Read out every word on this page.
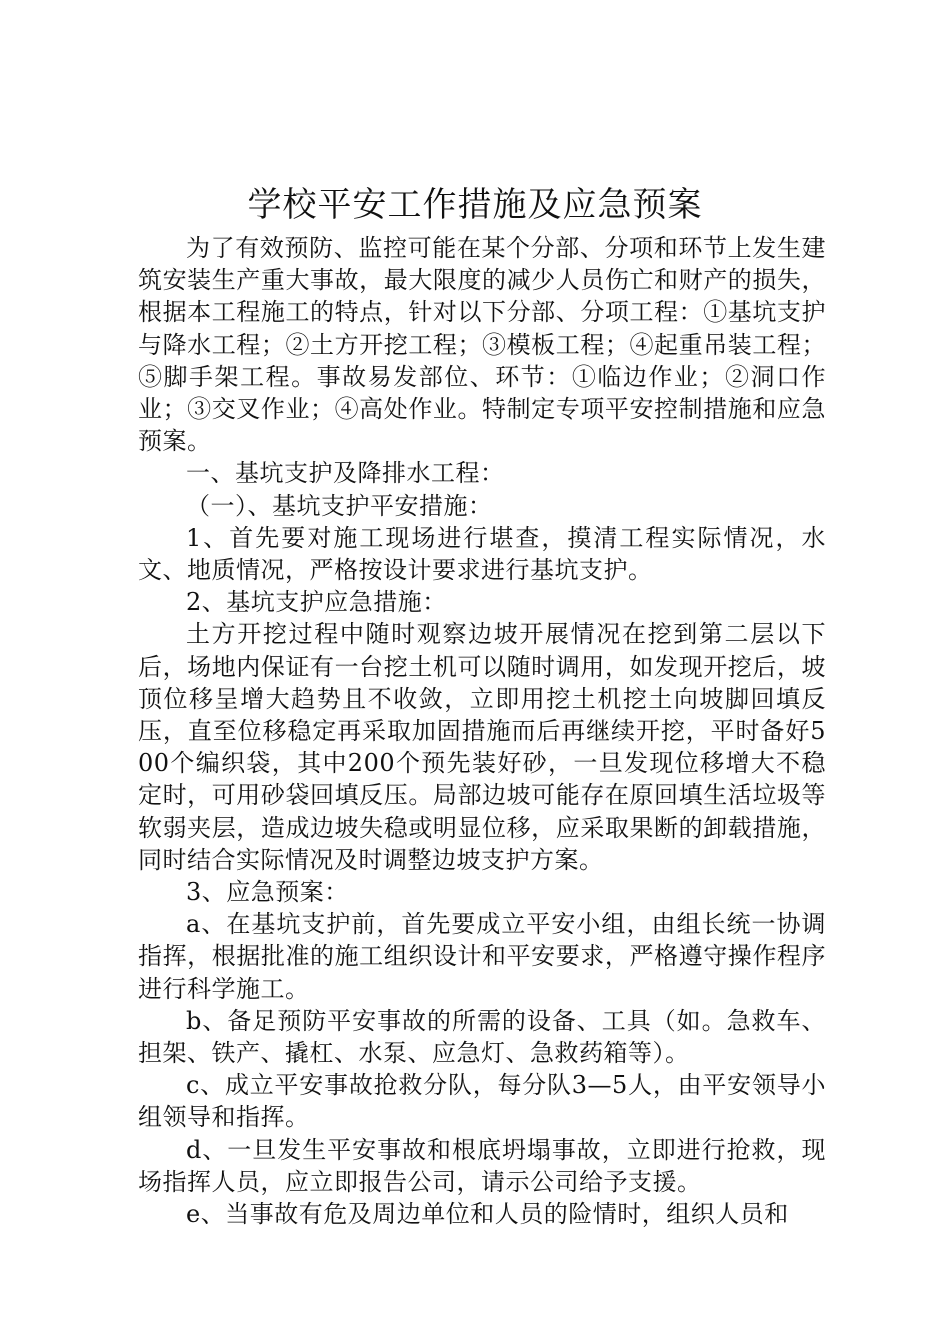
学校平安工作措施及应急预案

为了有效预防、监控可能在某个分部、分项和环节上发生建筑安装生产重大事故，最大限度的减少人员伤亡和财产的损失，根据本工程施工的特点，针对以下分部、分项工程：①基坑支护与降水工程；②土方开挖工程；③模板工程；④起重吊装工程；⑤脚手架工程。事故易发部位、环节：①临边作业；②洞口作业；③交叉作业；④高处作业。特制定专项平安控制措施和应急预案。

一、基坑支护及降排水工程：

（一）、基坑支护平安措施：

1、首先要对施工现场进行堪查，摸清工程实际情况，水文、地质情况，严格按设计要求进行基坑支护。

2、基坑支护应急措施：

土方开挖过程中随时观察边坡开展情况在挖到第二层以下后，场地内保证有一台挖土机可以随时调用，如发现开挖后，坡顶位移呈增大趋势且不收敛，立即用挖土机挖土向坡脚回填反压，直至位移稳定再采取加固措施而后再继续开挖，平时备好500个编织袋，其中200个预先装好砂，一旦发现位移增大不稳定时，可用砂袋回填反压。局部边坡可能存在原回填生活垃圾等软弱夹层，造成边坡失稳或明显位移，应采取果断的卸载措施，同时结合实际情况及时调整边坡支护方案。

3、应急预案：

a、在基坑支护前，首先要成立平安小组，由组长统一协调指挥，根据批准的施工组织设计和平安要求，严格遵守操作程序进行科学施工。

b、备足预防平安事故的所需的设备、工具（如。急救车、担架、铁产、撬杠、水泵、应急灯、急救药箱等）。

c、成立平安事故抢救分队，每分队3—5人，由平安领导小组领导和指挥。

d、一旦发生平安事故和根底坍塌事故，立即进行抢救，现场指挥人员，应立即报告公司，请示公司给予支援。

e、当事故有危及周边单位和人员的险情时，组织人员和
